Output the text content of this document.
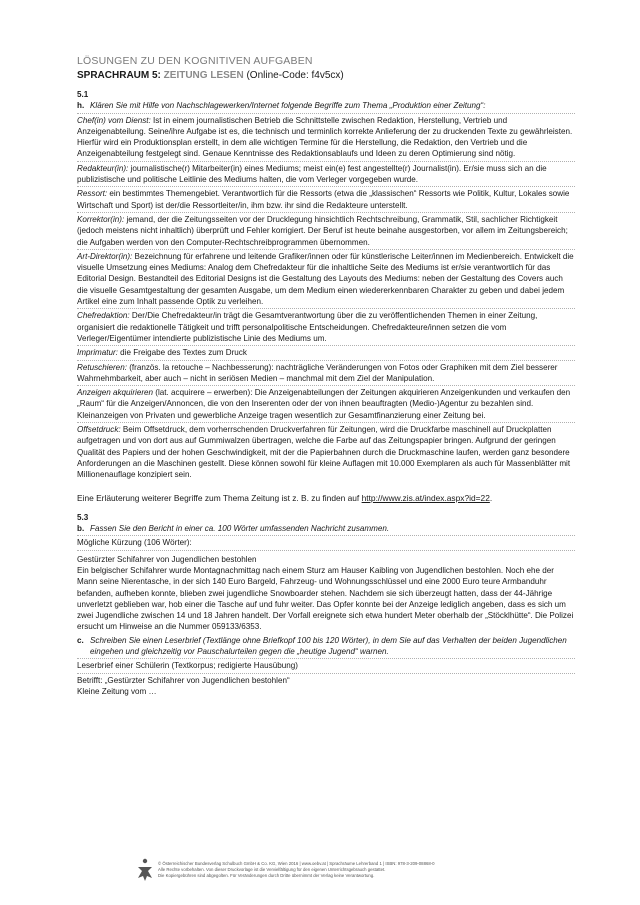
LÖSUNGEN ZU DEN KOGNITIVEN AUFGABEN
SPRACHRAUM 5: ZEITUNG LESEN (Online-Code: f4v5cx)
5.1
h. Klären Sie mit Hilfe von Nachschlagewerken/Internet folgende Begriffe zum Thema „Produktion einer Zeitung“:

Chef(in) vom Dienst: Ist in einem journalistischen Betrieb die Schnittstelle zwischen Redaktion, Herstellung, Vertrieb und Anzeigenabteilung. Seine/ihre Aufgabe ist es, die technisch und terminlich korrekte Anlieferung der zu druckenden Texte zu gewährleisten. Hierfür wird ein Produktionsplan erstellt, in dem alle wichtigen Termine für die Herstellung, die Redaktion, den Vertrieb und die Anzeigenabteilung festgelegt sind. Genaue Kenntnisse des Redaktionsablaufs und Ideen zu deren Optimierung sind nötig.

Redakteur(in): journalistische(r) Mitarbeiter(in) eines Mediums; meist ein(e) fest angestellte(r) Journalist(in). Er/sie muss sich an die publizistische und politische Leitlinie des Mediums halten, die vom Verleger vorgegeben wurde.

Ressort: ein bestimmtes Themengebiet. Verantwortlich für die Ressorts (etwa die „klassischen“ Ressorts wie Politik, Kultur, Lokales sowie Wirtschaft und Sport) ist der/die Ressortleiter/in, ihm bzw. ihr sind die Redakteure unterstellt.

Korrektor(in): jemand, der die Zeitungsseiten vor der Drucklegung hinsichtlich Rechtschreibung, Grammatik, Stil, sachlicher Richtigkeit (jedoch meistens nicht inhaltlich) überprüft und Fehler korrigiert. Der Beruf ist heute beinahe ausgestorben, vor allem im Zeitungsbereich; die Aufgaben werden von den Computer-Rechtschreibprogrammen übernommen.

Art-Direktor(in): Bezeichnung für erfahrene und leitende Grafiker/innen oder für künstlerische Leiter/innen im Medienbereich. Entwickelt die visuelle Umsetzung eines Mediums: Analog dem Chefredakteur für die inhaltliche Seite des Mediums ist er/sie verantwortlich für das Editorial Design. Bestandteil des Editorial Designs ist die Gestaltung des Layouts des Mediums: neben der Gestaltung des Covers auch die visuelle Gesamtgestaltung der gesamten Ausgabe, um dem Medium einen wiedererkennbaren Charakter zu geben und dabei jedem Artikel eine zum Inhalt passende Optik zu verleihen.

Chefredaktion: Der/Die Chefredakteur/in trägt die Gesamtverantwortung über die zu veröffentlichenden Themen in einer Zeitung, organisiert die redaktionelle Tätigkeit und trifft personalpolitische Entscheidungen. Chefredakteure/innen setzen die vom Verleger/Eigentümer intendierte publizistische Linie des Mediums um.

Imprimatur: die Freigabe des Textes zum Druck

Retuschieren: (französ. la retouche – Nachbesserung): nachträgliche Veränderungen von Fotos oder Graphiken mit dem Ziel besserer Wahrnehmbarkeit, aber auch – nicht in seriösen Medien – manchmal mit dem Ziel der Manipulation.

Anzeigen akquirieren (lat. acquirere – erwerben): Die Anzeigenabteilungen der Zeitungen akquirieren Anzeigenkunden und verkaufen den „Raum“ für die Anzeigen/Annoncen, die von den Inserenten oder der von ihnen beauftragten (Medio-)Agentur zu bezahlen sind. Kleinanzeigen von Privaten und gewerbliche Anzeige tragen wesentlich zur Gesamtfinanzierung einer Zeitung bei.

Offsetdruck: Beim Offsetdruck, dem vorherrschenden Druckverfahren für Zeitungen, wird die Druckfarbe maschinell auf Druckplatten aufgetragen und von dort aus auf Gummiwalzen übertragen, welche die Farbe auf das Zeitungspapier bringen. Aufgrund der geringen Qualität des Papiers und der hohen Geschwindigkeit, mit der die Papierbahnen durch die Druckmaschine laufen, werden ganz besondere Anforderungen an die Maschinen gestellt. Diese können sowohl für kleine Auflagen mit 10.000 Exemplaren als auch für Massenblätter mit Millionenauflage konzipiert sein.

Eine Erläuterung weiterer Begriffe zum Thema Zeitung ist z. B. zu finden auf http://www.zis.at/index.aspx?id=22.
5.3
b. Fassen Sie den Bericht in einer ca. 100 Wörter umfassenden Nachricht zusammen.
Mögliche Kürzung (106 Wörter):

Gestürzter Schifahrer von Jugendlichen bestohlen

Ein belgischer Schifahrer wurde Montagnachmittag nach einem Sturz am Hauser Kaibling von Jugendlichen bestohlen. Noch ehe der Mann seine Nierentasche, in der sich 140 Euro Bargeld, Fahrzeug- und Wohnungsschlüssel und eine 2000 Euro teure Armbanduhr befanden, aufheben konnte, blieben zwei jugendliche Snowboarder stehen. Nachdem sie sich überzeugt hatten, dass der 44-Jährige unverletzt geblieben war, hob einer die Tasche auf und fuhr weiter. Das Opfer konnte bei der Anzeige lediglich angeben, dass es sich um zwei Jugendliche zwischen 14 und 18 Jahren handelt. Der Vorfall ereignete sich etwa hundert Meter oberhalb der „Stöcklhütte“. Die Polizei ersucht um Hinweise an die Nummer 059133/6353.

c. Schreiben Sie einen Leserbrief (Textlänge ohne Briefkopf 100 bis 120 Wörter), in dem Sie auf das Verhalten der beiden Jugendlichen eingehen und gleichzeitig vor Pauschalurteilen gegen die „heutige Jugend“ warnen.
Leserbrief einer Schülerin (Textkorpus; redigierte Hausübung)

Betrifft: „Gestürzter Schifahrer von Jugendlichen bestohlen“

Kleine Zeitung vom …

© Österreichischer Bundesverlag Schulbuch GmbH & Co. KG, Wien 2016 | www.oebv.at | Sprachräume Lehrerband 1 | ISBN: 978-3-209-08868-0
Alle Rechte vorbehalten. Von dieser Druckvorlage ist die Vervielfältigung für den eigenen Unterrichtsgebrauch gestattet.
Die Kopiergebühren sind abgegolten. Für Veränderungen durch Dritte übernimmt der Verlag keine Verantwortung.
